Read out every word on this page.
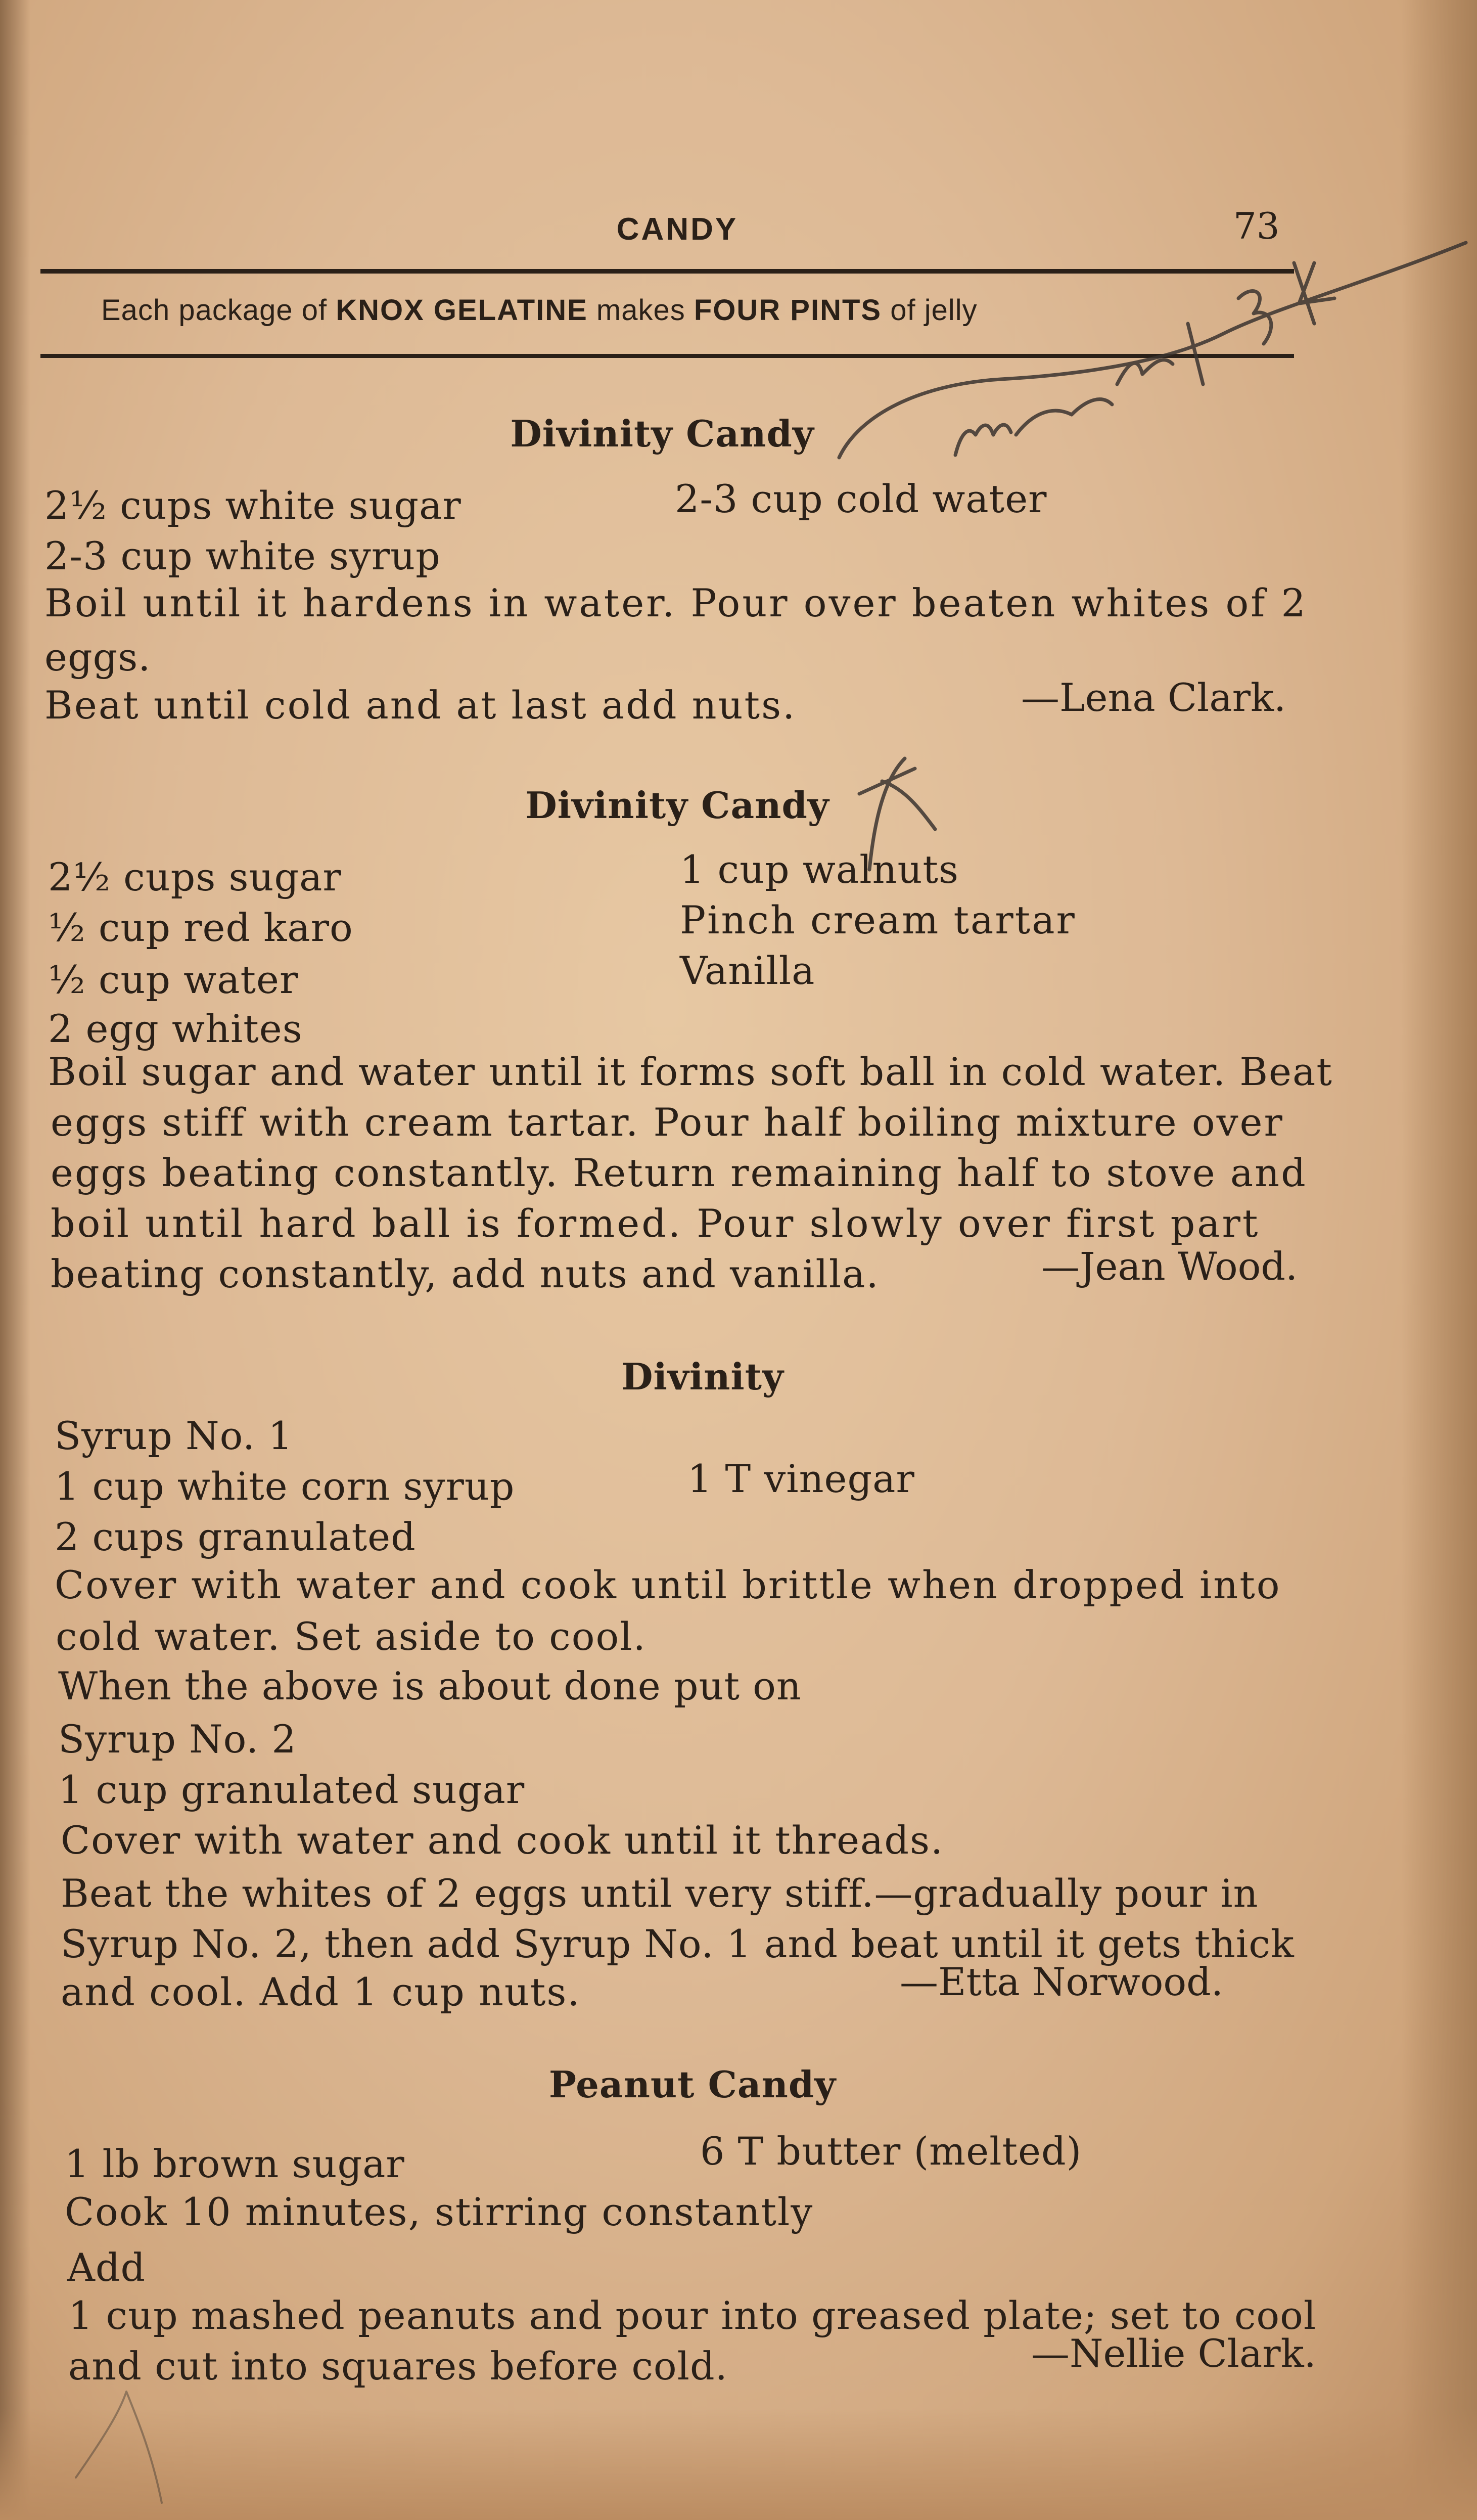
CANDY	73
Each package of KNOX GELATINE makes FOUR PINTS of jelly
Divinity Candy
2½ cups white sugar
2-3 cup white syrup
2-3 cup cold water
Boil until it hardens in water. Pour over beaten whites of 2
eggs.
Beat until cold and at last add nuts.	—Lena Clark.
Divinity Candy
2½ cups sugar
½ cup red karo
½ cup water
2 egg whites
1 cup walnuts
Pinch cream tartar
Vanilla
Boil sugar and water until it forms soft ball in cold water. Beat
eggs stiff with cream tartar. Pour half boiling mixture over
eggs beating constantly. Return remaining half to stove and
boil until hard ball is formed. Pour slowly over first part
beating constantly, add nuts and vanilla.	—Jean Wood.
Divinity
Syrup No. 1
1 cup white corn syrup	1 T vinegar
2 cups granulated
Cover with water and cook until brittle when dropped into
cold water. Set aside to cool.
When the above is about done put on
Syrup No. 2
1 cup granulated sugar
Cover with water and cook until it threads.
Beat the whites of 2 eggs until very stiff.—gradually pour in
Syrup No. 2, then add Syrup No. 1 and beat until it gets thick
and cool. Add 1 cup nuts.	—Etta Norwood.
Peanut Candy
1 lb brown sugar	6 T butter (melted)
Cook 10 minutes, stirring constantly
Add
1 cup mashed peanuts and pour into greased plate; set to cool
and cut into squares before cold.	—Nellie Clark.
